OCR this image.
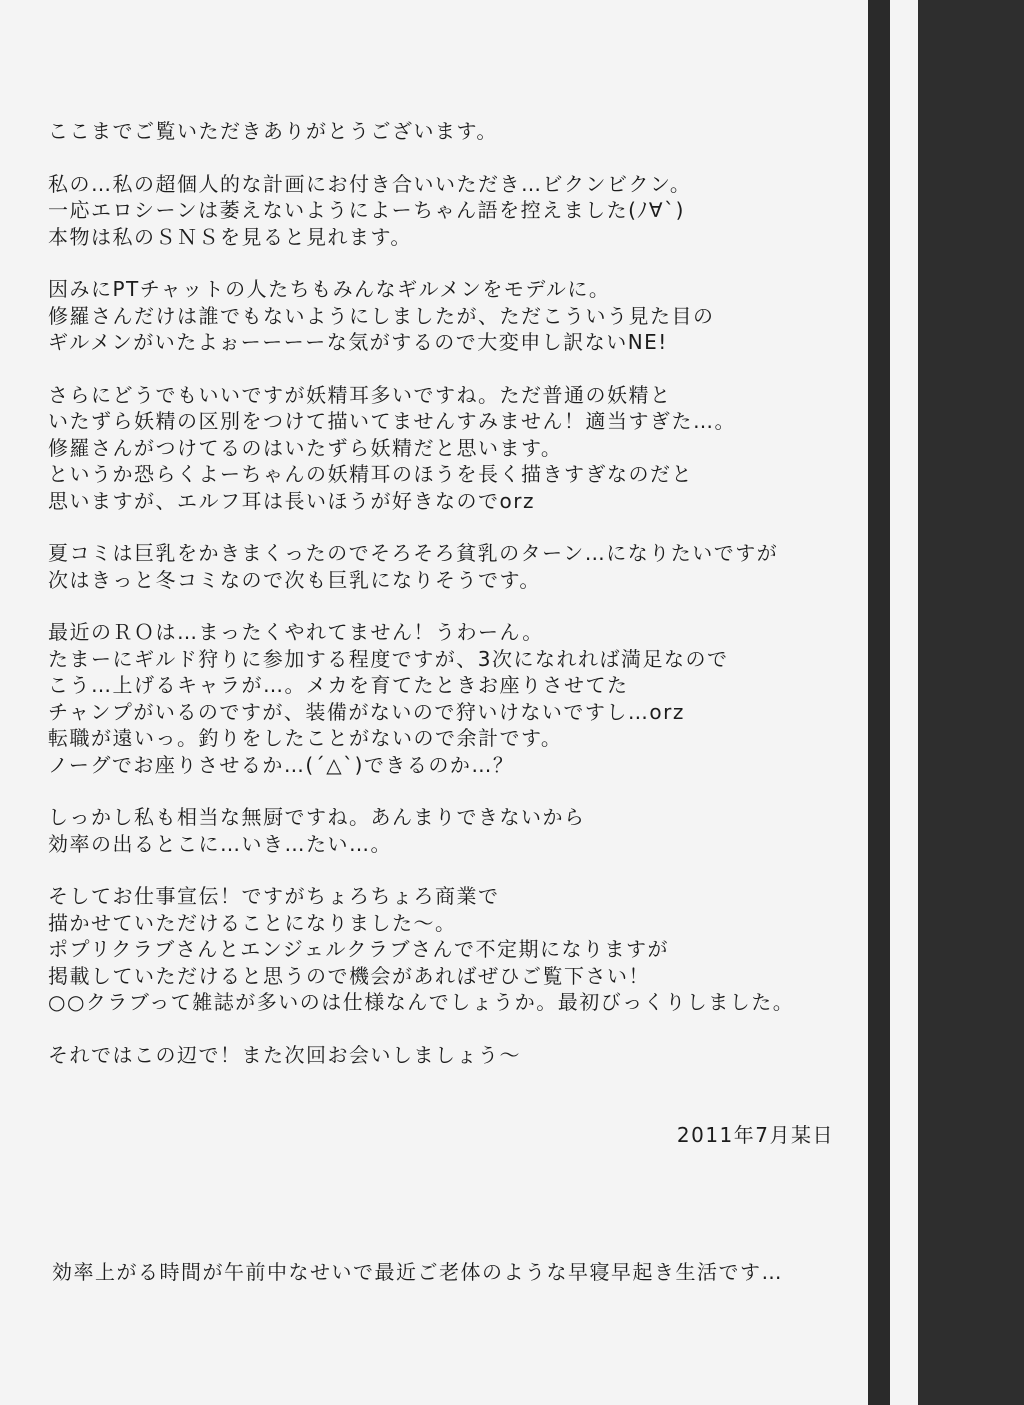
ここまでご覧いただきありがとうございます。
私の…私の超個人的な計画にお付き合いいただき…ビクンビクン。
一応エロシーンは萎えないようによーちゃん語を控えました(ﾉ∀`)
本物は私のＳＮＳを見ると見れます。
因みにPTチャットの人たちもみんなギルメンをモデルに。
修羅さんだけは誰でもないようにしましたが、ただこういう見た目の
ギルメンがいたよぉーーーーな気がするので大変申し訳ないNE!
さらにどうでもいいですが妖精耳多いですね。ただ普通の妖精と
いたずら妖精の区別をつけて描いてませんすみません！適当すぎた…。
修羅さんがつけてるのはいたずら妖精だと思います。
というか恐らくよーちゃんの妖精耳のほうを長く描きすぎなのだと
思いますが、エルフ耳は長いほうが好きなのでorz
夏コミは巨乳をかきまくったのでそろそろ貧乳のターン…になりたいですが
次はきっと冬コミなので次も巨乳になりそうです。
最近のＲＯは…まったくやれてません！うわーん。
たまーにギルド狩りに参加する程度ですが、3次になれれば満足なので
こう…上げるキャラが…。メカを育てたときお座りさせてた
チャンプがいるのですが、装備がないので狩いけないですし…orz
転職が遠いっ。釣りをしたことがないので余計です。
ノーグでお座りさせるか…(´△`)できるのか…？
しっかし私も相当な無厨ですね。あんまりできないから
効率の出るとこに…いき…たい…。
そしてお仕事宣伝！ですがちょろちょろ商業で
描かせていただけることになりました～。
ポプリクラブさんとエンジェルクラブさんで不定期になりますが
掲載していただけると思うので機会があればぜひご覧下さい！
○○クラブって雑誌が多いのは仕様なんでしょうか。最初びっくりしました。
それではこの辺で！また次回お会いしましょう～
2011年7月某日
効率上がる時間が午前中なせいで最近ご老体のような早寝早起き生活です…
